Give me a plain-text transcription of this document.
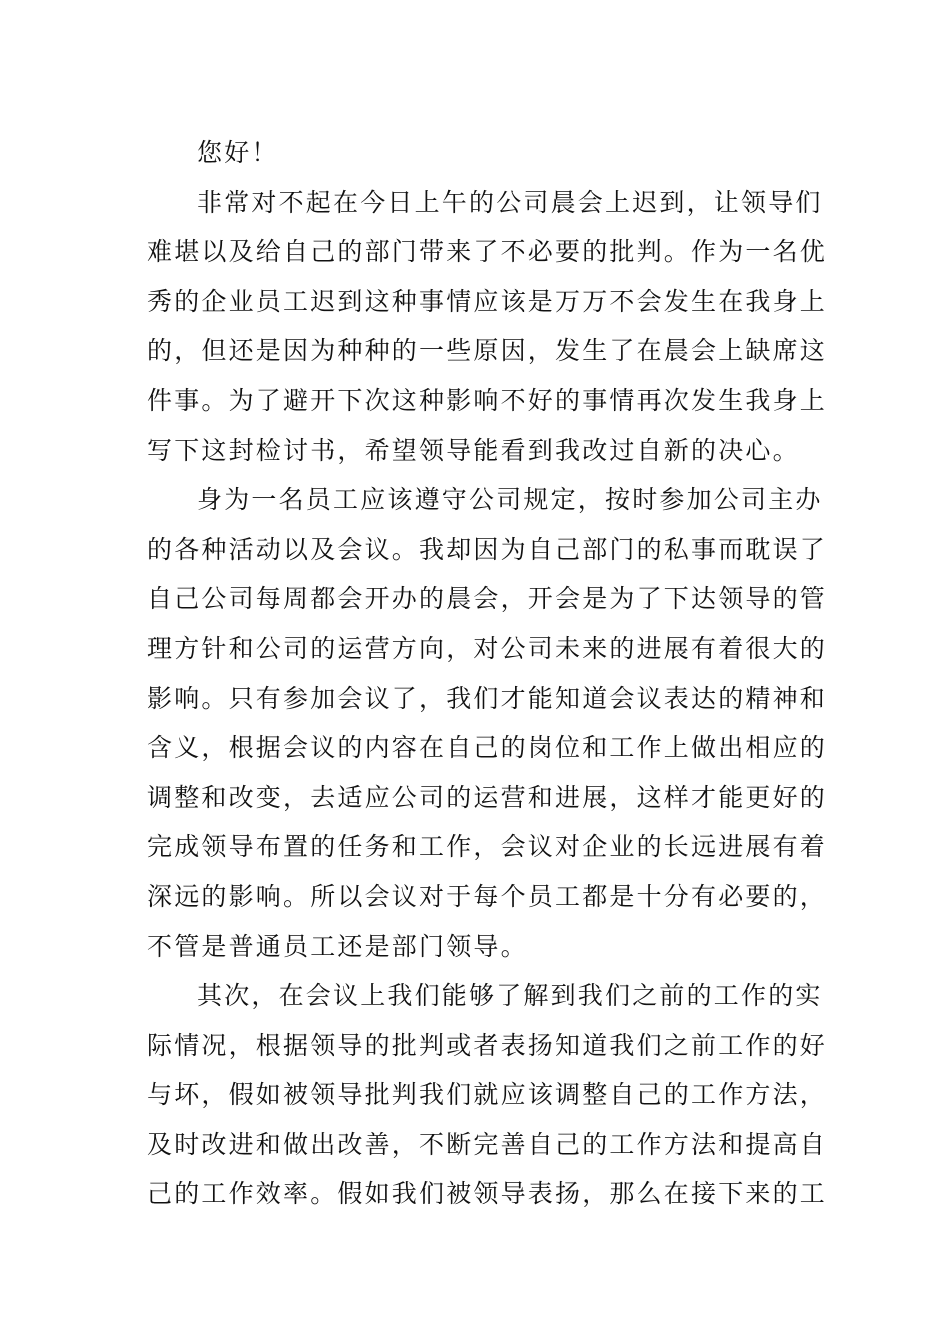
您好！
非常对不起在今日上午的公司晨会上迟到，让领导们
难堪以及给自己的部门带来了不必要的批判。作为一名优
秀的企业员工迟到这种事情应该是万万不会发生在我身上
的，但还是因为种种的一些原因，发生了在晨会上缺席这
件事。为了避开下次这种影响不好的事情再次发生我身上
写下这封检讨书，希望领导能看到我改过自新的决心。
身为一名员工应该遵守公司规定，按时参加公司主办
的各种活动以及会议。我却因为自己部门的私事而耽误了
自己公司每周都会开办的晨会，开会是为了下达领导的管
理方针和公司的运营方向，对公司未来的进展有着很大的
影响。只有参加会议了，我们才能知道会议表达的精神和
含义，根据会议的内容在自己的岗位和工作上做出相应的
调整和改变，去适应公司的运营和进展，这样才能更好的
完成领导布置的任务和工作，会议对企业的长远进展有着
深远的影响。所以会议对于每个员工都是十分有必要的，
不管是普通员工还是部门领导。
其次，在会议上我们能够了解到我们之前的工作的实
际情况，根据领导的批判或者表扬知道我们之前工作的好
与坏，假如被领导批判我们就应该调整自己的工作方法，
及时改进和做出改善，不断完善自己的工作方法和提高自
己的工作效率。假如我们被领导表扬，那么在接下来的工
